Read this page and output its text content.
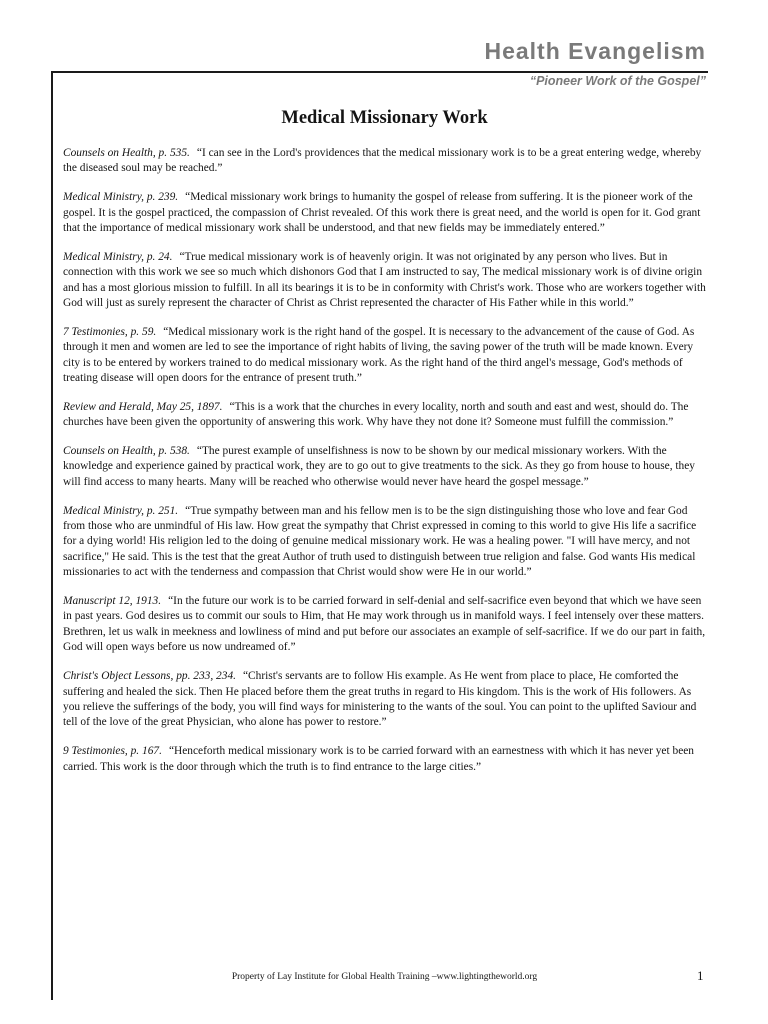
Health Evangelism
“Pioneer Work of the Gospel”
Medical Missionary Work

Counsels on Health, p. 535. “I can see in the Lord's providences that the medical missionary work is to be a great entering wedge, whereby the diseased soul may be reached.”

Medical Ministry, p. 239. “Medical missionary work brings to humanity the gospel of release from suffering. It is the pioneer work of the gospel. It is the gospel practiced, the compassion of Christ revealed. Of this work there is great need, and the world is open for it. God grant that the importance of medical missionary work shall be understood, and that new fields may be immediately entered.”

Medical Ministry, p. 24. “True medical missionary work is of heavenly origin. It was not originated by any person who lives. But in connection with this work we see so much which dishonors God that I am instructed to say, The medical missionary work is of divine origin and has a most glorious mission to fulfill. In all its bearings it is to be in conformity with Christ's work. Those who are workers together with God will just as surely represent the character of Christ as Christ represented the character of His Father while in this world.”

7 Testimonies, p. 59. “Medical missionary work is the right hand of the gospel. It is necessary to the advancement of the cause of God. As through it men and women are led to see the importance of right habits of living, the saving power of the truth will be made known. Every city is to be entered by workers trained to do medical missionary work. As the right hand of the third angel's message, God's methods of treating disease will open doors for the entrance of present truth.”

Review and Herald, May 25, 1897. “This is a work that the churches in every locality, north and south and east and west, should do. The churches have been given the opportunity of answering this work. Why have they not done it? Someone must fulfill the commission.”

Counsels on Health, p. 538. “The purest example of unselfishness is now to be shown by our medical missionary workers. With the knowledge and experience gained by practical work, they are to go out to give treatments to the sick. As they go from house to house, they will find access to many hearts. Many will be reached who otherwise would never have heard the gospel message.”

Medical Ministry, p. 251. “True sympathy between man and his fellow men is to be the sign distinguishing those who love and fear God from those who are unmindful of His law. How great the sympathy that Christ expressed in coming to this world to give His life a sacrifice for a dying world! His religion led to the doing of genuine medical missionary work. He was a healing power. "I will have mercy, and not sacrifice," He said. This is the test that the great Author of truth used to distinguish between true religion and false. God wants His medical missionaries to act with the tenderness and compassion that Christ would show were He in our world.”

Manuscript 12, 1913. “In the future our work is to be carried forward in self-denial and self-sacrifice even beyond that which we have seen in past years. God desires us to commit our souls to Him, that He may work through us in manifold ways. I feel intensely over these matters. Brethren, let us walk in meekness and lowliness of mind and put before our associates an example of self-sacrifice. If we do our part in faith, God will open ways before us now undreamed of.”

Christ's Object Lessons, pp. 233, 234. “Christ's servants are to follow His example. As He went from place to place, He comforted the suffering and healed the sick. Then He placed before them the great truths in regard to His kingdom. This is the work of His followers. As you relieve the sufferings of the body, you will find ways for ministering to the wants of the soul. You can point to the uplifted Saviour and tell of the love of the great Physician, who alone has power to restore.”

9 Testimonies, p. 167. “Henceforth medical missionary work is to be carried forward with an earnestness with which it has never yet been carried. This work is the door through which the truth is to find entrance to the large cities.”

Property of Lay Institute for Global Health Training –www.lightingtheworld.org	1
